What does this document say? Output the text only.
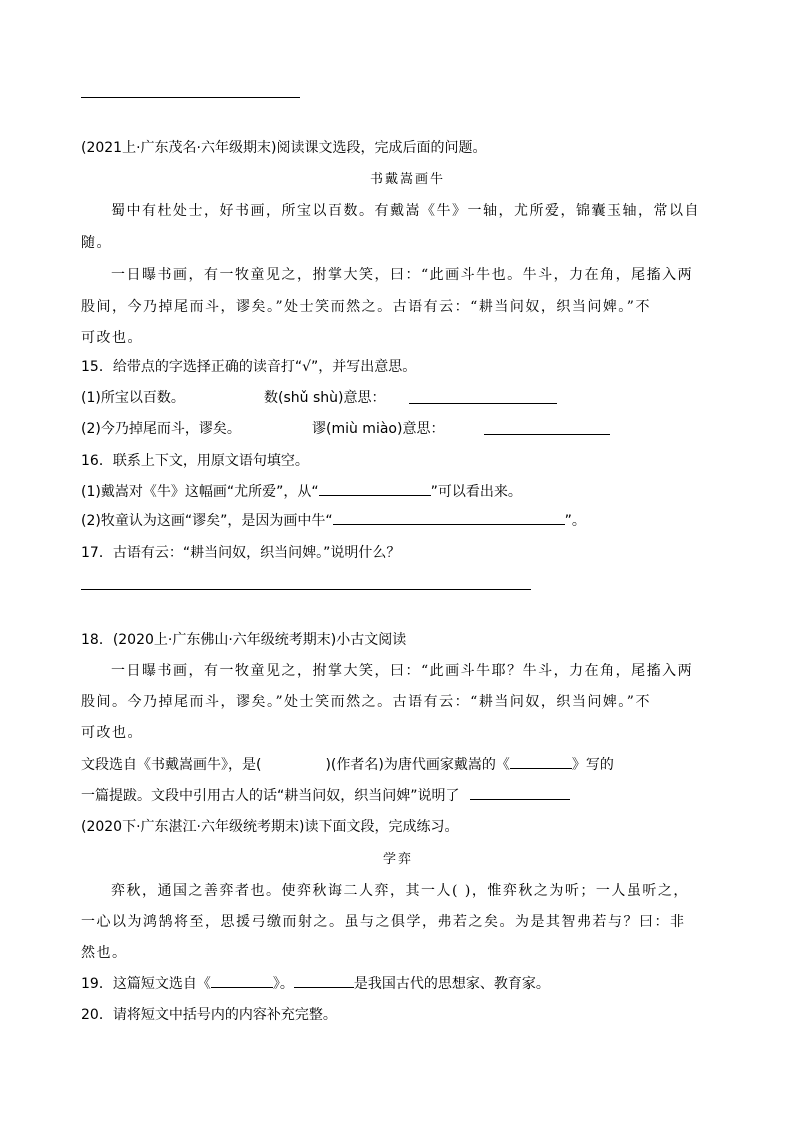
(2021上·广东茂名·六年级期末)阅读课文选段，完成后面的问题。
书戴嵩画牛
蜀中有杜处士，好书画，所宝以百数。有戴嵩《牛》一轴，尤所爱，锦囊玉轴，常以自
随。
一日曝书画，有一牧童见之，拊掌大笑，曰：“此画斗牛也。牛斗，力在角，尾搐入两
股间，今乃掉尾而斗，谬矣。”处士笑而然之。古语有云：“耕当问奴，织当问婢。”不
可改也。
15．给带点的字选择正确的读音打“√”，并写出意思。
(1)所宝以百数。	数(shǔ shù)意思：
(2)今乃掉尾而斗，谬矣。	谬(miù miào)意思：
16．联系上下文，用原文语句填空。
(1)戴嵩对《牛》这幅画“尤所爱”，从“	”可以看出来。
(2)牧童认为这画“谬矣”，是因为画中牛“	”。
17．古语有云：“耕当问奴，织当问婢。”说明什么？
18．(2020上·广东佛山·六年级统考期末)小古文阅读
一日曝书画，有一牧童见之，拊掌大笑，曰：“此画斗牛耶？牛斗，力在角，尾搐入两
股间。今乃掉尾而斗，谬矣。”处士笑而然之。古语有云：“耕当问奴，织当问婢。”不
可改也。
文段选自《书戴嵩画牛》，是(	)(作者名)为唐代画家戴嵩的《	》写的
一篇提跋。文段中引用古人的话“耕当问奴，织当问婢”说明了
(2020下·广东湛江·六年级统考期末)读下面文段，完成练习。
学弈
弈秋，通国之善弈者也。使弈秋诲二人弈，其一人( )，惟弈秋之为听；一人虽听之，
一心以为鸿鹄将至，思援弓缴而射之。虽与之俱学，弗若之矣。为是其智弗若与？曰：非
然也。
19．这篇短文选自《	》。	是我国古代的思想家、教育家。
20．请将短文中括号内的内容补充完整。
